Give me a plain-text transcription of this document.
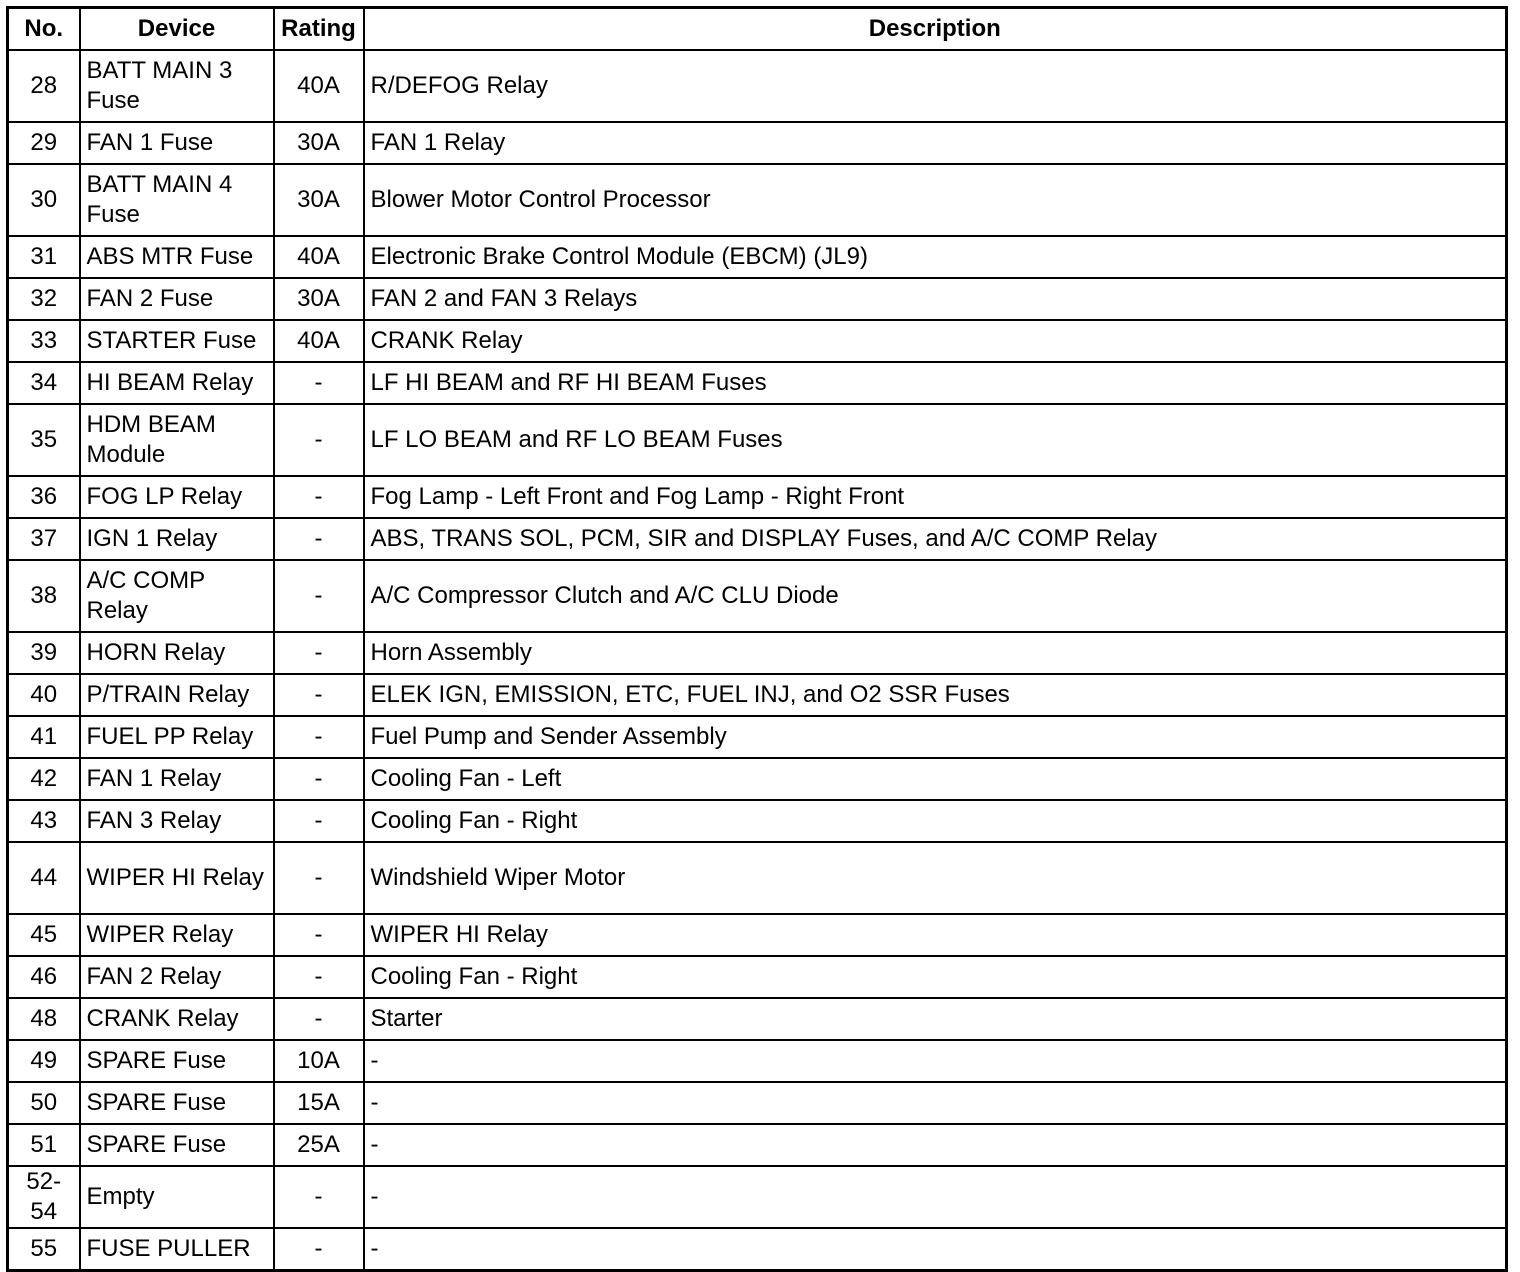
No.	Device	Rating	Description
28	BATT MAIN 3 Fuse	40A	R/DEFOG Relay
29	FAN 1 Fuse	30A	FAN 1 Relay
30	BATT MAIN 4 Fuse	30A	Blower Motor Control Processor
31	ABS MTR Fuse	40A	Electronic Brake Control Module (EBCM) (JL9)
32	FAN 2 Fuse	30A	FAN 2 and FAN 3 Relays
33	STARTER Fuse	40A	CRANK Relay
34	HI BEAM Relay	-	LF HI BEAM and RF HI BEAM Fuses
35	HDM BEAM Module	-	LF LO BEAM and RF LO BEAM Fuses
36	FOG LP Relay	-	Fog Lamp - Left Front and Fog Lamp - Right Front
37	IGN 1 Relay	-	ABS, TRANS SOL, PCM, SIR and DISPLAY Fuses, and A/C COMP Relay
38	A/C COMP Relay	-	A/C Compressor Clutch and A/C CLU Diode
39	HORN Relay	-	Horn Assembly
40	P/TRAIN Relay	-	ELEK IGN, EMISSION, ETC, FUEL INJ, and O2 SSR Fuses
41	FUEL PP Relay	-	Fuel Pump and Sender Assembly
42	FAN 1 Relay	-	Cooling Fan - Left
43	FAN 3 Relay	-	Cooling Fan - Right
44	WIPER HI Relay	-	Windshield Wiper Motor
45	WIPER Relay	-	WIPER HI Relay
46	FAN 2 Relay	-	Cooling Fan - Right
48	CRANK Relay	-	Starter
49	SPARE Fuse	10A	-
50	SPARE Fuse	15A	-
51	SPARE Fuse	25A	-
52-54	Empty	-	-
55	FUSE PULLER	-	-
